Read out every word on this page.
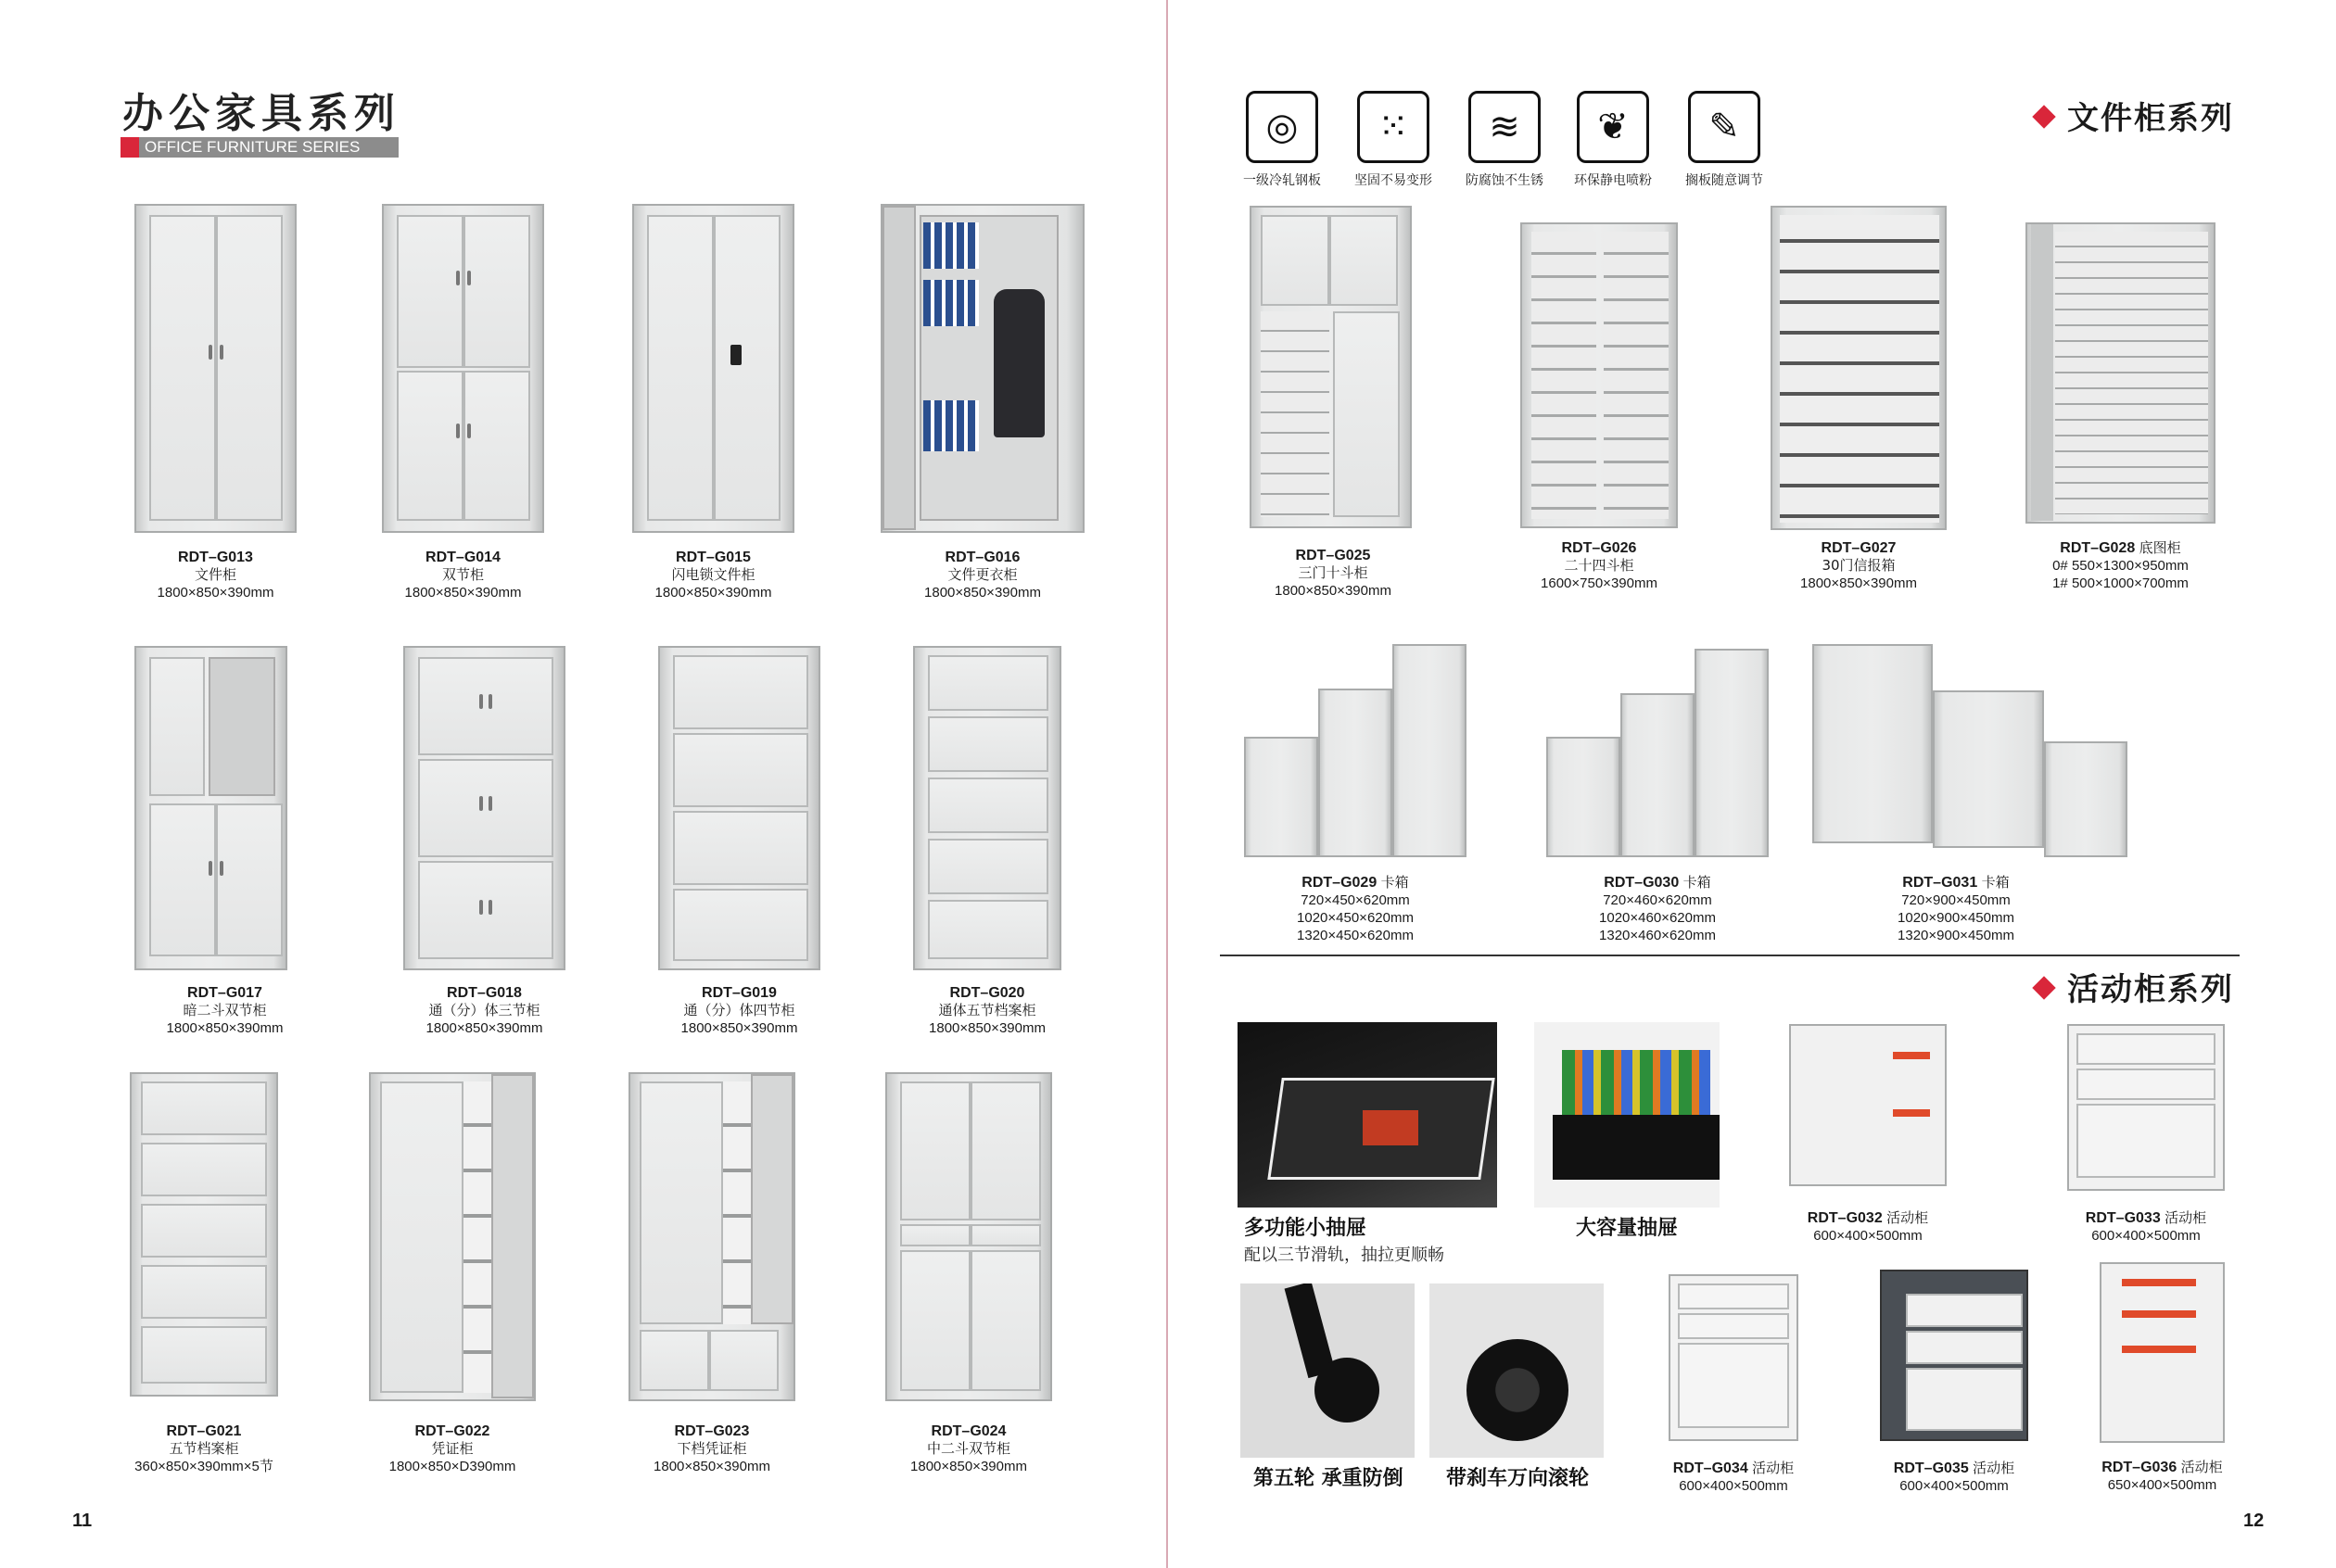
办公家具系列
OFFICE FURNITURE SERIES
RDT–G013
文件柜
1800×850×390mm
RDT–G014
双节柜
1800×850×390mm
RDT–G015
闪电锁文件柜
1800×850×390mm
RDT–G016
文件更衣柜
1800×850×390mm
RDT–G017
暗二斗双节柜
1800×850×390mm
RDT–G018
通（分）体三节柜
1800×850×390mm
RDT–G019
通（分）体四节柜
1800×850×390mm
RDT–G020
通体五节档案柜
1800×850×390mm
RDT–G021
五节档案柜
360×850×390mm×5节
RDT–G022
凭证柜
1800×850×D390mm
RDT–G023
下档凭证柜
1800×850×390mm
RDT–G024
中二斗双节柜
1800×850×390mm
11
◎
一级冷轧钢板
⁙
坚固不易变形
≋
防腐蚀不生锈
❦
环保静电喷粉
✎
搁板随意调节
文件柜系列
RDT–G025
三门十斗柜
1800×850×390mm
RDT–G026
二十四斗柜
1600×750×390mm
RDT–G027
30门信报箱
1800×850×390mm
RDT–G028 底图柜
0# 550×1300×950mm
1# 500×1000×700mm
RDT–G029 卡箱
720×450×620mm
1020×450×620mm
1320×450×620mm
RDT–G030 卡箱
720×460×620mm
1020×460×620mm
1320×460×620mm
RDT–G031 卡箱
720×900×450mm
1020×900×450mm
1320×900×450mm
活动柜系列
多功能小抽屉
配以三节滑轨，抽拉更顺畅
大容量抽屉
第五轮 承重防倒 带刹车万向滚轮
RDT–G032 活动柜
600×400×500mm
RDT–G033 活动柜
600×400×500mm
RDT–G034 活动柜
600×400×500mm
RDT–G035 活动柜
600×400×500mm
RDT–G036 活动柜
650×400×500mm
12
